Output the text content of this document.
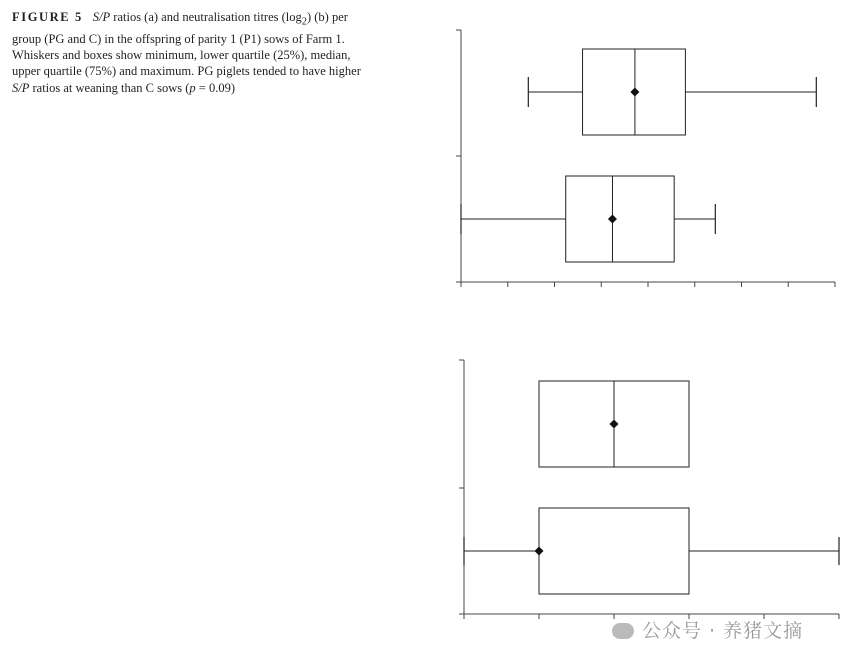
FIGURE 5 S/P ratios (a) and neutralisation titres $(\log_2)$ (b) per group (PG and C) in the offspring of parity 1 (P1) sows of Farm 1. Whiskers and boxes show minimum, lower quartile (25%), median, upper quartile (75%) and maximum. PG piglets tended to have higher S/P ratios at weaning than C sows (p = 0.09)
公众号 · 养猪文摘
